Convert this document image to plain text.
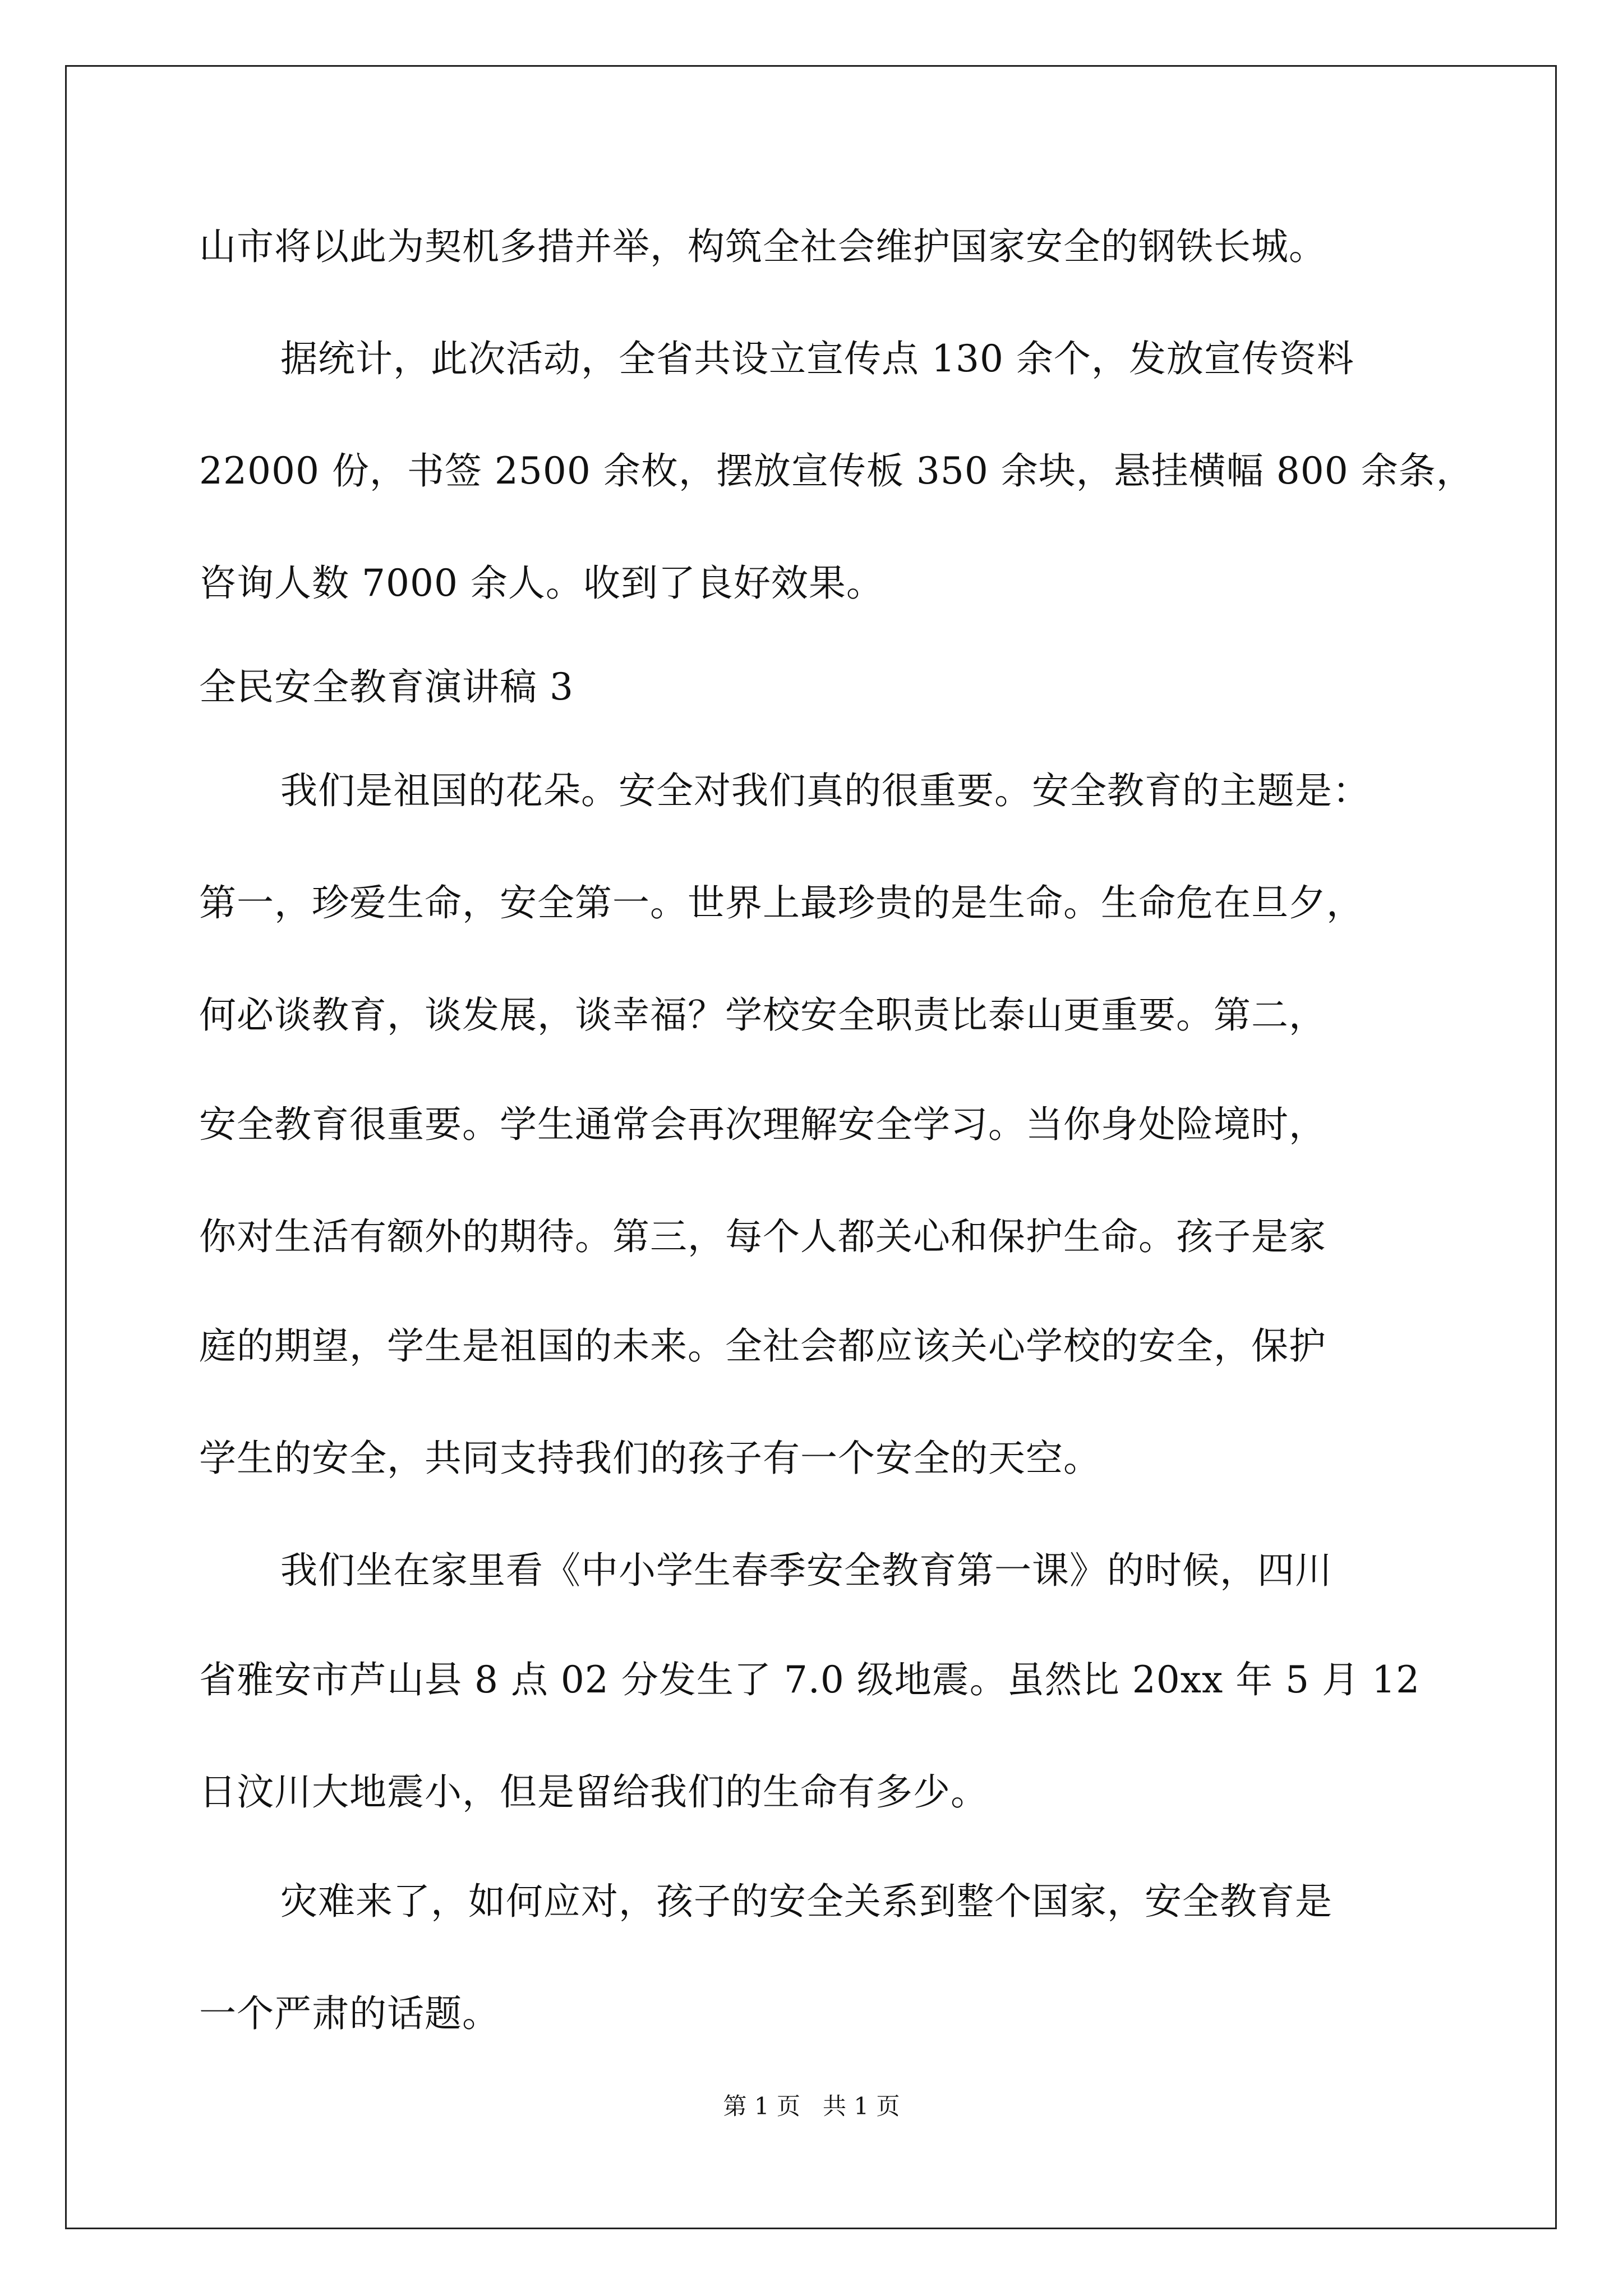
山市将以此为契机多措并举，构筑全社会维护国家安全的钢铁长城。
据统计，此次活动，全省共设立宣传点 130 余个，发放宣传资料
22000 份，书签 2500 余枚，摆放宣传板 350 余块，悬挂横幅 800 余条，
咨询人数 7000 余人。收到了良好效果。
全民安全教育演讲稿 3
我们是祖国的花朵。安全对我们真的很重要。安全教育的主题是：
第一，珍爱生命，安全第一。世界上最珍贵的是生命。生命危在旦夕，
何必谈教育，谈发展，谈幸福？学校安全职责比泰山更重要。第二，
安全教育很重要。学生通常会再次理解安全学习。当你身处险境时，
你对生活有额外的期待。第三，每个人都关心和保护生命。孩子是家
庭的期望，学生是祖国的未来。全社会都应该关心学校的安全，保护
学生的安全，共同支持我们的孩子有一个安全的天空。
我们坐在家里看《中小学生春季安全教育第一课》的时候，四川
省雅安市芦山县 8 点 02 分发生了 7.0 级地震。虽然比 20xx 年 5 月 12
日汶川大地震小，但是留给我们的生命有多少。
灾难来了，如何应对，孩子的安全关系到整个国家，安全教育是
一个严肃的话题。
第 1 页   共 1 页
